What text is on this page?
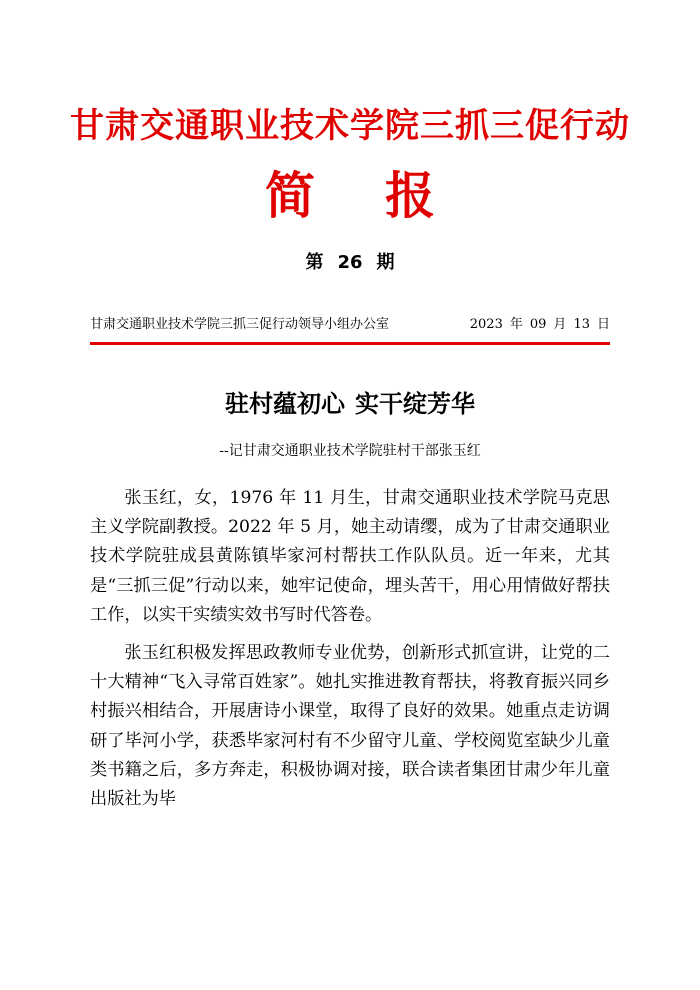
甘肃交通职业技术学院三抓三促行动
简 报
第 26 期
甘肃交通职业技术学院三抓三促行动领导小组办公室	2023 年 09 月 13 日
驻村蕴初心 实干绽芳华
--记甘肃交通职业技术学院驻村干部张玉红

张玉红，女，1976 年 11 月生，甘肃交通职业技术学院马克思主义学院副教授。2022 年 5 月，她主动请缨，成为了甘肃交通职业技术学院驻成县黄陈镇毕家河村帮扶工作队队员。近一年来，尤其是“三抓三促”行动以来，她牢记使命，埋头苦干，用心用情做好帮扶工作，以实干实绩实效书写时代答卷。

张玉红积极发挥思政教师专业优势，创新形式抓宣讲，让党的二十大精神“飞入寻常百姓家”。她扎实推进教育帮扶，将教育振兴同乡村振兴相结合，开展唐诗小课堂，取得了良好的效果。她重点走访调研了毕河小学，获悉毕家河村有不少留守儿童、学校阅览室缺少儿童类书籍之后，多方奔走，积极协调对接，联合读者集团甘肃少年儿童出版社为毕
